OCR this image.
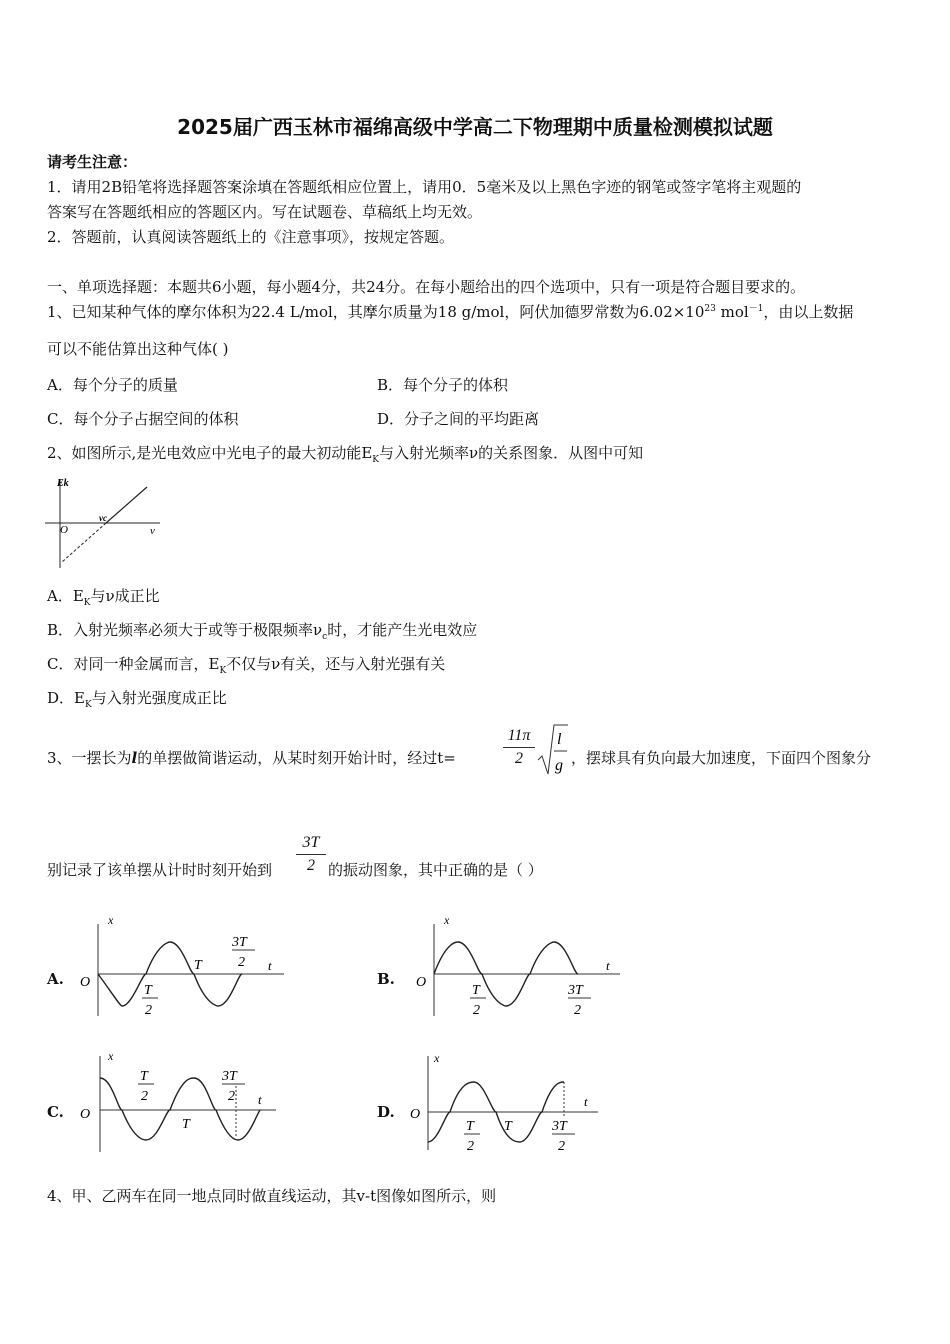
2025届广西玉林市福绵高级中学高二下物理期中质量检测模拟试题
请考生注意：
1．请用2B铅笔将选择题答案涂填在答题纸相应位置上，请用0．5毫米及以上黑色字迹的钢笔或签字笔将主观题的
答案写在答题纸相应的答题区内。写在试题卷、草稿纸上均无效。
2．答题前，认真阅读答题纸上的《注意事项》，按规定答题。
一、单项选择题：本题共6小题，每小题4分，共24分。在每小题给出的四个选项中，只有一项是符合题目要求的。
1、已知某种气体的摩尔体积为22.4 L/mol，其摩尔质量为18 g/mol，阿伏加德罗常数为$6.02\times 10^{23}$ mol$^{-1}$，由以上数据
可以不能估算出这种气体( )
A．每个分子的质量	B．每个分子的体积
C．每个分子占据空间的体积	D．分子之间的平均距离
2、如图所示,是光电效应中光电子的最大初动能$E_K$与入射光频率ν的关系图象．从图中可知
Ek
O
νc
ν
A．$E_K$与ν成正比
B．入射光频率必须大于或等于极限频率$\nu_c$时，才能产生光电效应
C．对同一种金属而言，$E_K$不仅与ν有关，还与入射光强有关
D．$E_K$与入射光强度成正比
3、一摆长为l的单摆做简谐运动，从某时刻开始计时，经过t=
11π
2
l
g ，摆球具有负向最大加速度，下面四个图象分
别记录了该单摆从计时时刻开始到
3T
2 的振动图象，其中正确的是（ ）
A.
x
O
t
T
T
2
3T
2
B.
x
O
t
T
2
3T
2
C.
x
O
t
T
T
2
3T
2
D.
x
O
t
T
T
2
3T
2
4、甲、乙两车在同一地点同时做直线运动，其v-t图像如图所示，则
